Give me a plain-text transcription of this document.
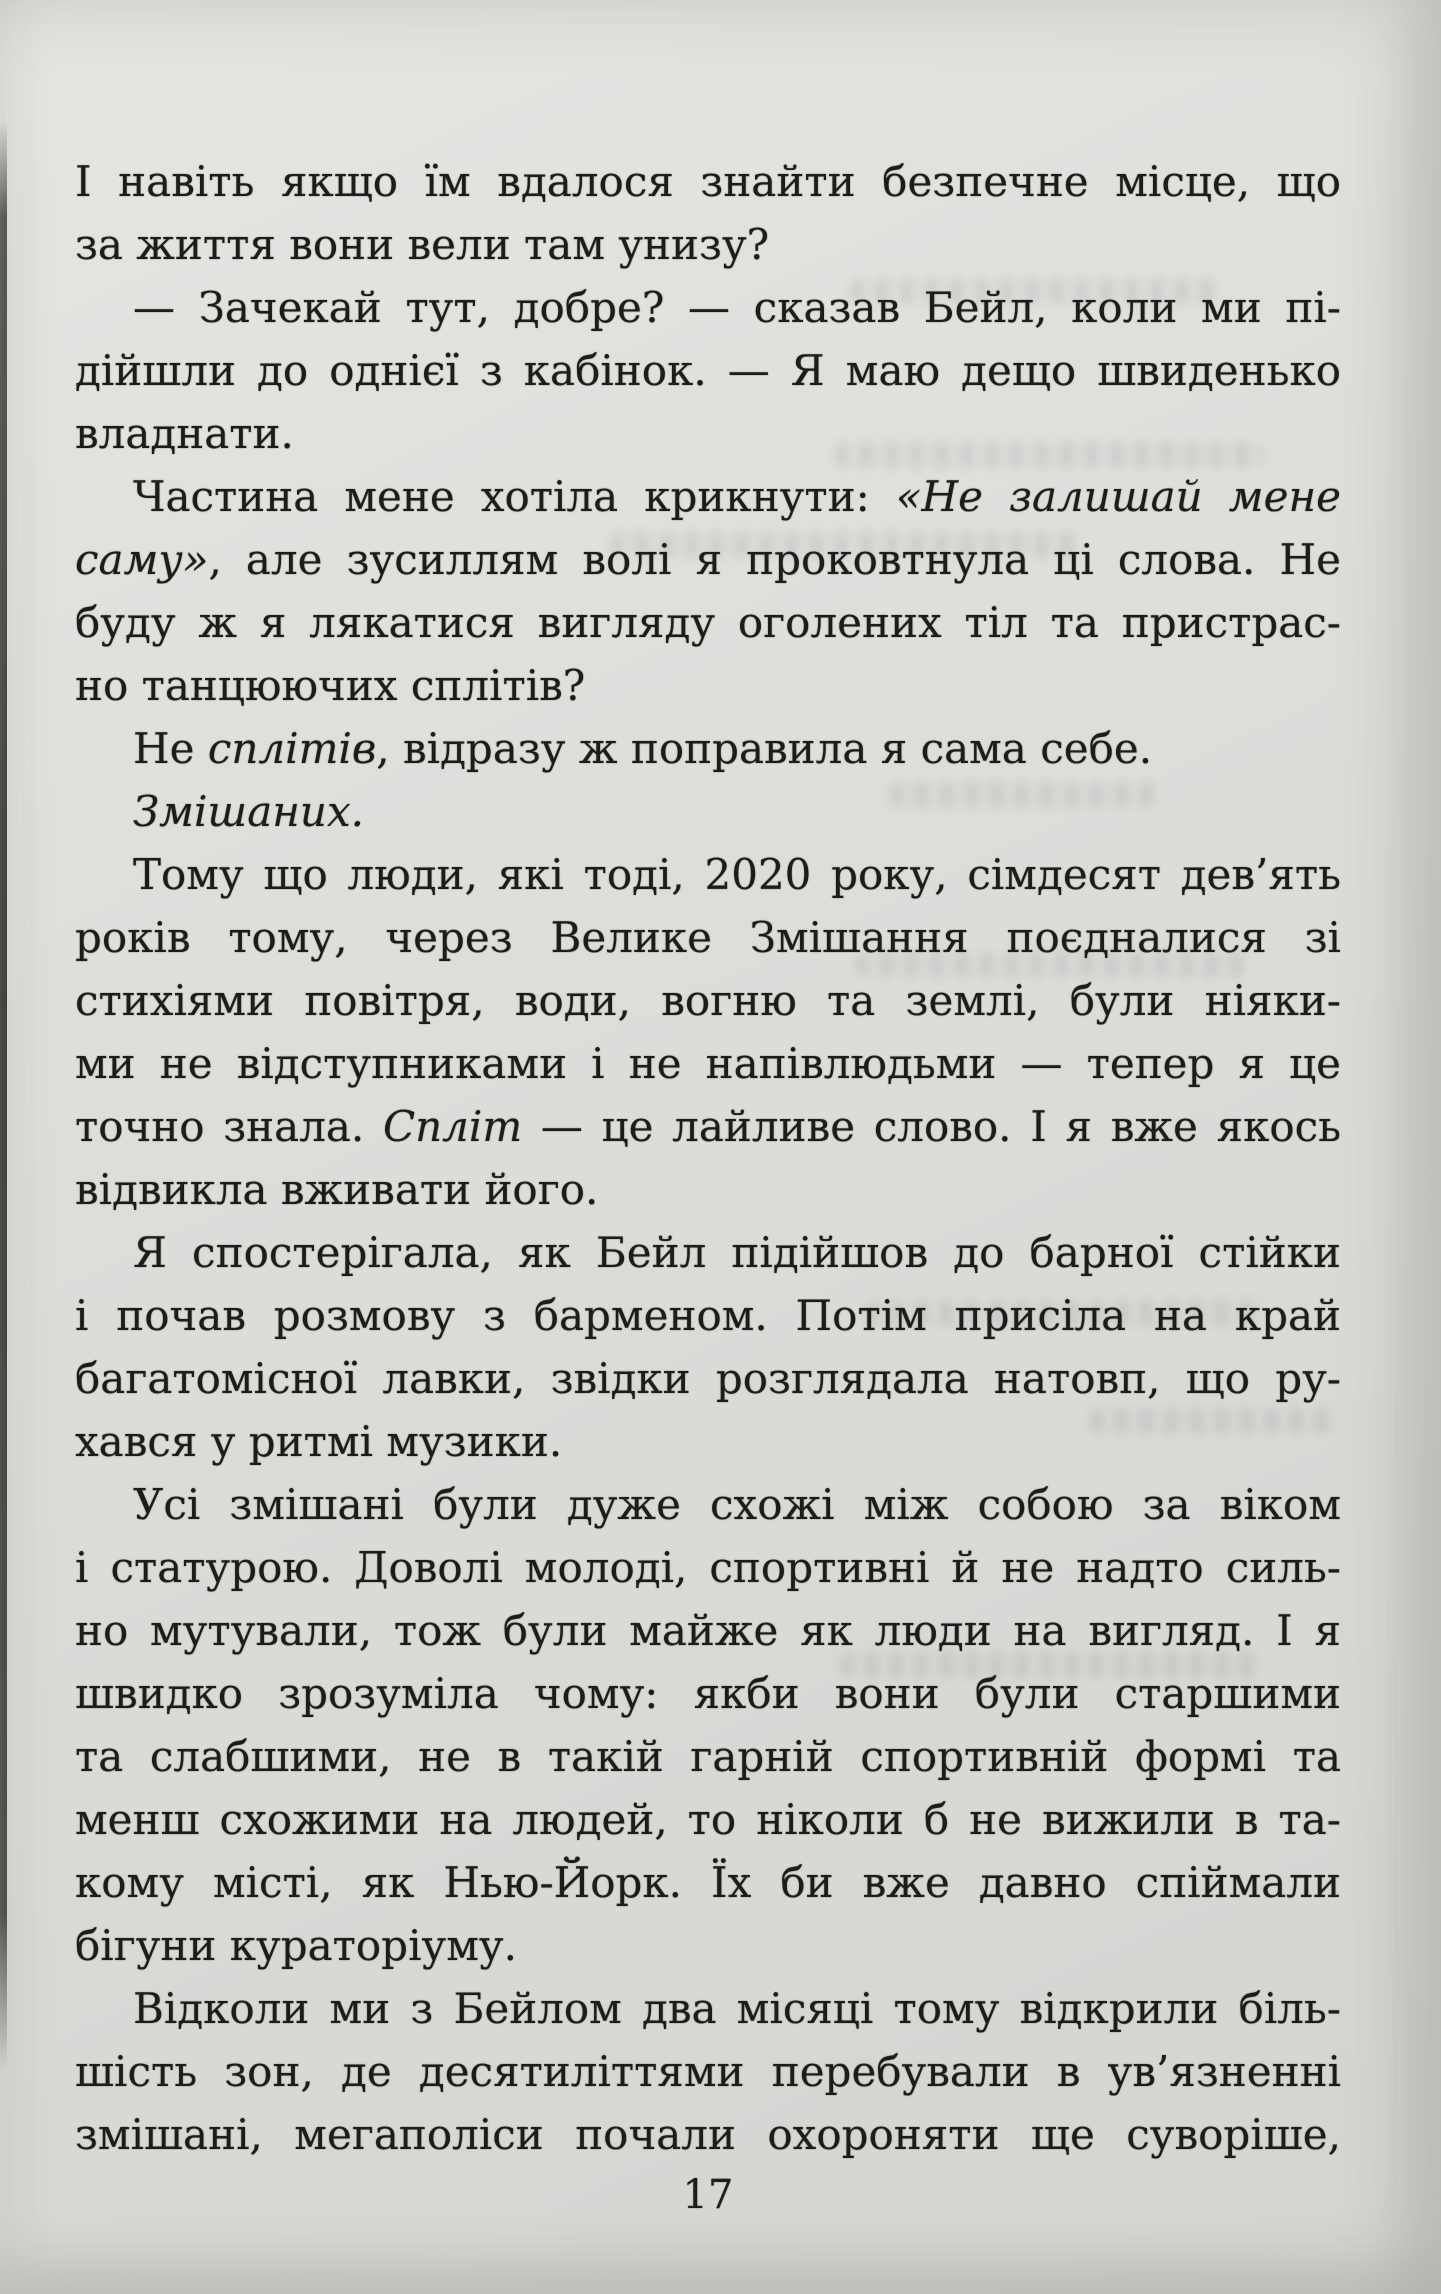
І навіть якщо їм вдалося знайти безпечне місце, що
за життя вони вели там унизу?

— Зачекай тут, добре? — сказав Бейл, коли ми пі-
дійшли до однієї з кабінок. — Я маю дещо швиденько
владнати.

Частина мене хотіла крикнути: «Не залишай мене
саму», але зусиллям волі я проковтнула ці слова. Не
буду ж я лякатися вигляду оголених тіл та пристрас-
но танцюючих сплітів?

Не сплітів, відразу ж поправила я сама себе.

Змішаних.

Тому що люди, які тоді, 2020 року, сімдесят дев’ять
років тому, через Велике Змішання поєдналися зі
стихіями повітря, води, вогню та землі, були ніяки-
ми не відступниками і не напівлюдьми — тепер я це
точно знала. Спліт — це лайливе слово. І я вже якось
відвикла вживати його.

Я спостерігала, як Бейл підійшов до барної стійки
і почав розмову з барменом. Потім присіла на край
багатомісної лавки, звідки розглядала натовп, що ру-
хався у ритмі музики.

Усі змішані були дуже схожі між собою за віком
і статурою. Доволі молоді, спортивні й не надто силь-
но мутували, тож були майже як люди на вигляд. І я
швидко зрозуміла чому: якби вони були старшими
та слабшими, не в такій гарній спортивній формі та
менш схожими на людей, то ніколи б не вижили в та-
кому місті, як Нью-Йорк. Їх би вже давно спіймали
бігуни кураторіуму.

Відколи ми з Бейлом два місяці тому відкрили біль-
шість зон, де десятиліттями перебували в ув’язненні
змішані, мегаполіси почали охороняти ще суворіше,

17
